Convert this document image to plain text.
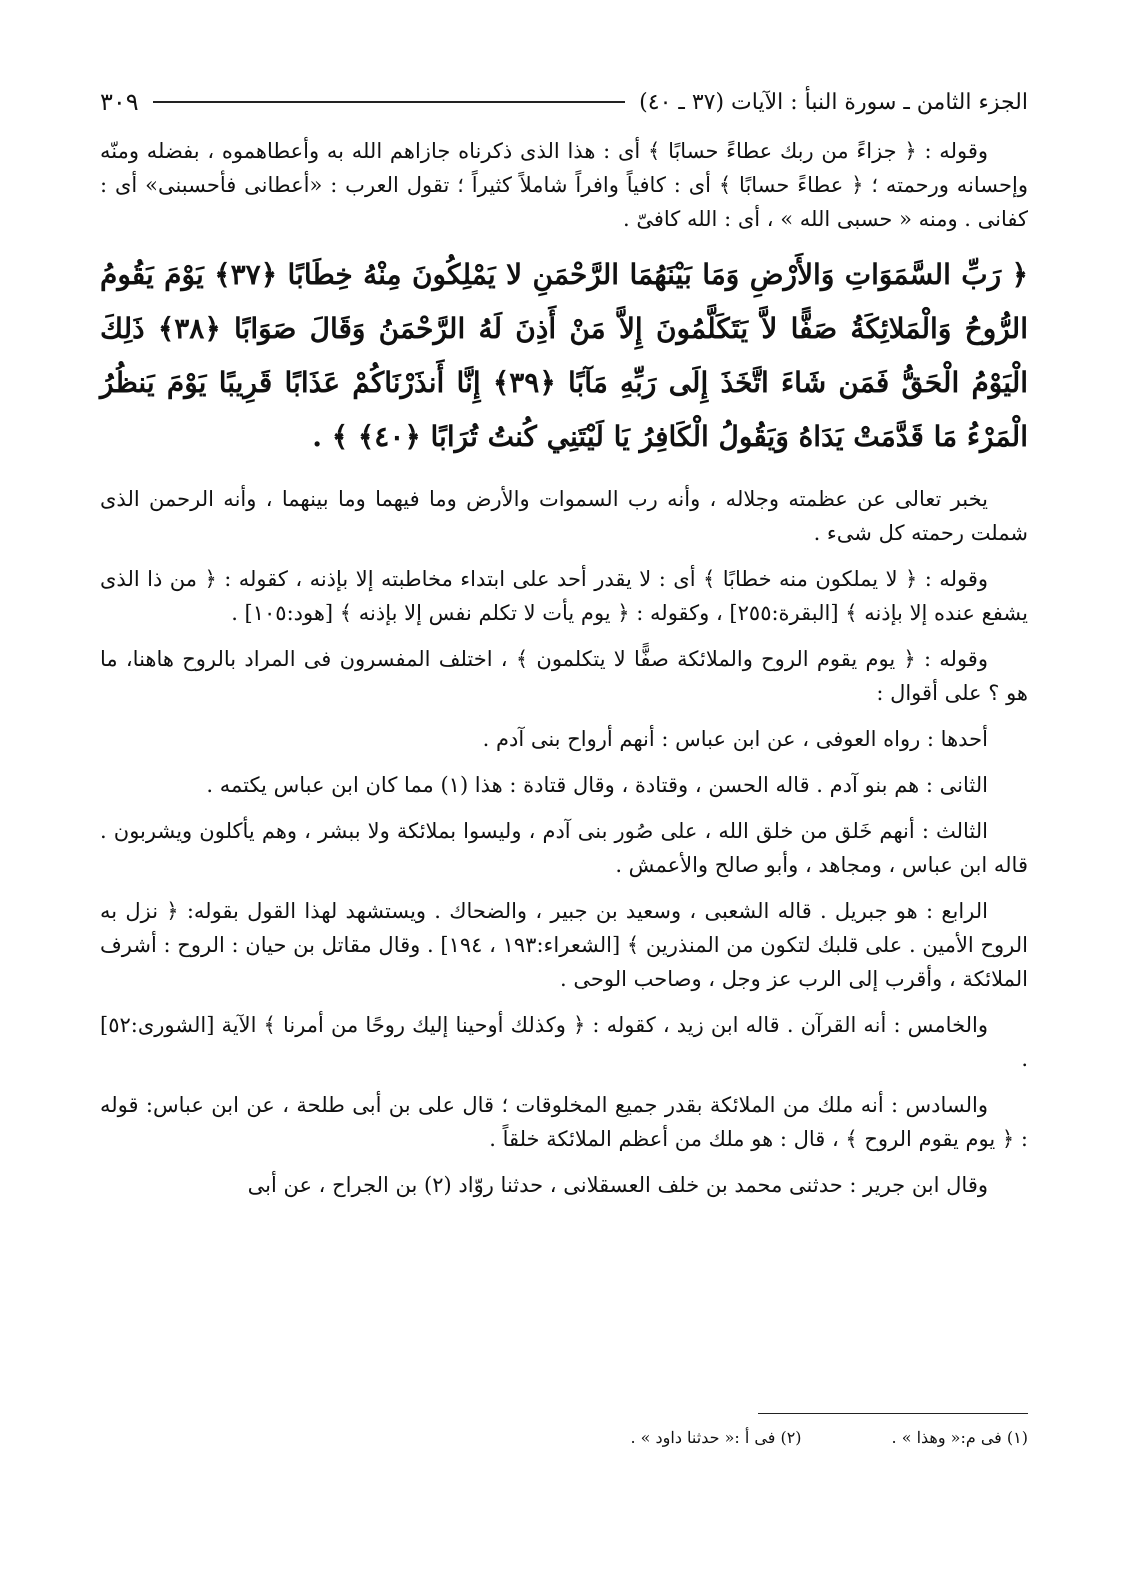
الجزء الثامن ـ سورة النبأ : الآيات (٣٧ ـ ٤٠)
٣٠٩

وقوله : ﴿ جزاءً من ربك عطاءً حسابًا ﴾ أى : هذا الذى ذكرناه جازاهم الله به وأعطاهموه ، بفضله ومنّه وإحسانه ورحمته ؛ ﴿ عطاءً حسابًا ﴾ أى : كافياً وافراً شاملاً كثيراً ؛ تقول العرب : «أعطانى فأحسبنى» أى : كفانى . ومنه « حسبى الله » ، أى : الله كافىّ .

﴿ رَبِّ السَّمَوَاتِ وَالأَرْضِ وَمَا بَيْنَهُمَا الرَّحْمَنِ لا يَمْلِكُونَ مِنْهُ خِطَابًا ﴿٣٧﴾ يَوْمَ يَقُومُ الرُّوحُ وَالْمَلائِكَةُ صَفًّا لاَّ يَتَكَلَّمُونَ إِلاَّ مَنْ أَذِنَ لَهُ الرَّحْمَنُ وَقَالَ صَوَابًا ﴿٣٨﴾ ذَلِكَ الْيَوْمُ الْحَقُّ فَمَن شَاءَ اتَّخَذَ إِلَى رَبِّهِ مَآبًا ﴿٣٩﴾ إِنَّا أَنذَرْنَاكُمْ عَذَابًا قَرِيبًا يَوْمَ يَنظُرُ الْمَرْءُ مَا قَدَّمَتْ يَدَاهُ وَيَقُولُ الْكَافِرُ يَا لَيْتَنِي كُنتُ تُرَابًا ﴿٤٠﴾ ﴾ .

يخبر تعالى عن عظمته وجلاله ، وأنه رب السموات والأرض وما فيهما وما بينهما ، وأنه الرحمن الذى شملت رحمته كل شىء .

وقوله : ﴿ لا يملكون منه خطابًا ﴾ أى : لا يقدر أحد على ابتداء مخاطبته إلا بإذنه ، كقوله : ﴿ من ذا الذى يشفع عنده إلا بإذنه ﴾ [البقرة:٢٥٥] ، وكقوله : ﴿ يوم يأت لا تكلم نفس إلا بإذنه ﴾ [هود:١٠٥] .

وقوله : ﴿ يوم يقوم الروح والملائكة صفًّا لا يتكلمون ﴾ ، اختلف المفسرون فى المراد بالروح هاهنا، ما هو ؟ على أقوال :

أحدها : رواه العوفى ، عن ابن عباس : أنهم أرواح بنى آدم .

الثانى : هم بنو آدم . قاله الحسن ، وقتادة ، وقال قتادة : هذا (١) مما كان ابن عباس يكتمه .

الثالث : أنهم خَلق من خلق الله ، على صُور بنى آدم ، وليسوا بملائكة ولا ببشر ، وهم يأكلون ويشربون . قاله ابن عباس ، ومجاهد ، وأبو صالح والأعمش .

الرابع : هو جبريل . قاله الشعبى ، وسعيد بن جبير ، والضحاك . ويستشهد لهذا القول بقوله: ﴿ نزل به الروح الأمين . على قلبك لتكون من المنذرين ﴾ [الشعراء:١٩٣ ، ١٩٤] . وقال مقاتل بن حيان : الروح : أشرف الملائكة ، وأقرب إلى الرب عز وجل ، وصاحب الوحى .

والخامس : أنه القرآن . قاله ابن زيد ، كقوله : ﴿ وكذلك أوحينا إليك روحًا من أمرنا ﴾ الآية [الشورى:٥٢] .

والسادس : أنه ملك من الملائكة بقدر جميع المخلوقات ؛ قال على بن أبى طلحة ، عن ابن عباس: قوله : ﴿ يوم يقوم الروح ﴾ ، قال : هو ملك من أعظم الملائكة خلقاً .

وقال ابن جرير : حدثنى محمد بن خلف العسقلانى ، حدثنا روّاد (٢) بن الجراح ، عن أبى

(١) فى م:« وهذا » .
(٢) فى أ :« حدثنا داود » .
